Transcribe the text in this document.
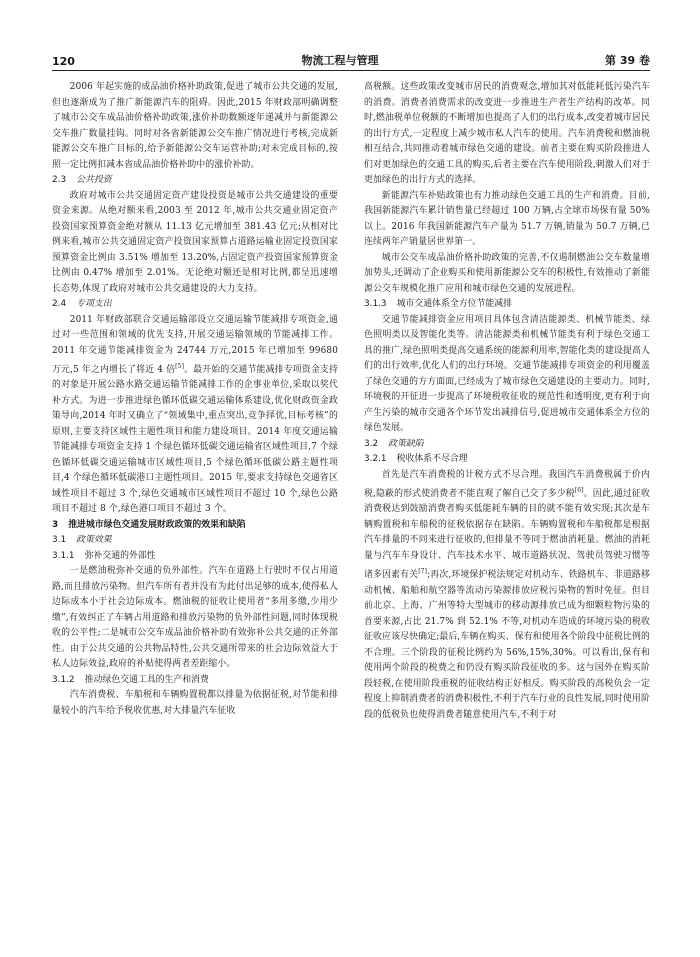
120	物流工程与管理	第 39 卷

2006 年起实施的成品油价格补助政策,促进了城市公共交通的发展,但也逐渐成为了推广新能源汽车的阻碍。因此,2015 年财政部明确调整了城市公交车成品油价格补助政策,涨价补助数额逐年递减并与新能源公交车推广数量挂钩。同时对各省新能源公交车推广情况进行考核,完成新能源公交车推广目标的,给予新能源公交车运营补助;对未完成目标的,按照一定比例扣减本省成品油价格补助中的涨价补助。

2.3 公共投资

政府对城市公共交通固定资产建设投资是城市公共交通建设的重要资金来源。从绝对额来看,2003 至 2012 年,城市公共交通业固定资产投资国家预算资金绝对额从 11.13 亿元增加至 381.43 亿元;从相对比例来看,城市公共交通固定资产投资国家预算占道路运输业固定投资国家预算资金比例由 3.51% 增加至 13.20%,占固定资产投资国家预算资金比例由 0.47% 增加至 2.01%。无论绝对额还是相对比例,都呈迅速增长态势,体现了政府对城市公共交通建设的大力支持。

2.4 专项支出

2011 年财政部联合交通运输部设立交通运输节能减排专项资金,通过对一些范围和领域的优先支持,开展交通运输领域的节能减排工作。2011 年交通节能减排资金为 24744 万元,2015 年已增加至 99680 万元,5 年之内增长了将近 4 倍[5]。最开始的交通节能减排专项资金支持的对象是开展公路水路交通运输节能减排工作的企事业单位,采取以奖代补方式。为进一步推进绿色循环低碳交通运输体系建设,优化财政资金政策导向,2014 年时又确立了“领域集中,重点突出,竞争择优,目标考核”的原则,主要支持区域性主题性项目和能力建设项目。2014 年度交通运输节能减排专项资金支持 1 个绿色循环低碳交通运输省区域性项目,7 个绿色循环低碳交通运输城市区域性项目,5 个绿色循环低碳公路主题性项目,4 个绿色循环低碳港口主题性项目。2015 年,要求支持绿色交通省区域性项目不超过 3 个,绿色交通城市区域性项目不超过 10 个,绿色公路项目不超过 8 个,绿色港口项目不超过 3 个。

3 推进城市绿色交通发展财政政策的效果和缺陷
3.1 政策效果
3.1.1 弥补交通的外部性

一是燃油税弥补交通的负外部性。汽车在道路上行驶时不仅占用道路,而且排放污染物。但汽车所有者并没有为此付出足够的成本,使得私人边际成本小于社会边际成本。燃油税的征收让使用者“多用多缴,少用少缴”,有效纠正了车辆占用道路和排放污染物的负外部性问题,同时体现税收的公平性;二是城市公交车成品油价格补助有效弥补公共交通的正外部性。由于公共交通的公共物品特性,公共交通所带来的社会边际效益大于私人边际效益,政府的补贴使得两者差距缩小。

3.1.2 推动绿色交通工具的生产和消费

汽车消费税、车船税和车辆购置税都以排量为依据征税,对节能和排量较小的汽车给予税收优惠,对大排量汽车征收

高税额。这些政策改变城市居民的消费观念,增加其对低能耗低污染汽车的消费。消费者消费需求的改变进一步推进生产者生产结构的改革。同时,燃油税单位税额的不断增加也提高了人们的出行成本,改变着城市居民的出行方式,一定程度上减少城市私人汽车的使用。汽车消费税和燃油税相互结合,共同推动着城市绿色交通的建设。前者主要在购买阶段推进人们对更加绿色的交通工具的购买,后者主要在汽车使用阶段,刺激人们对于更加绿色的出行方式的选择。

新能源汽车补贴政策也有力推动绿色交通工具的生产和消费。目前,我国新能源汽车累计销售量已经超过 100 万辆,占全球市场保有量 50% 以上。2016 年我国新能源汽车产量为 51.7 万辆,销量为 50.7 万辆,已连续两年产销量居世界第一。

城市公交车成品油价格补助政策的完善,不仅遏制燃油公交车数量增加势头,还调动了企业购买和使用新能源公交车的积极性,有效推动了新能源公交车规模化推广应用和城市绿色交通的发展进程。

3.1.3 城市交通体系全方位节能减排

交通节能减排资金应用项目具体包含清洁能源类、机械节能类、绿色照明类以及智能化类等。清洁能源类和机械节能类有利于绿色交通工具的推广,绿色照明类提高交通系统的能源利用率,智能化类的建设提高人们的出行效率,优化人们的出行环境。交通节能减排专项资金的利用覆盖了绿色交通的方方面面,已经成为了城市绿色交通建设的主要动力。同时,环境税的开征进一步提高了环境税收征收的规范性和透明度,更有利于向产生污染的城市交通各个环节发出减排信号,促进城市交通体系全方位的绿色发展。

3.2 政策缺陷
3.2.1 税收体系不尽合理

首先是汽车消费税的计税方式不尽合理。我国汽车消费税属于价内税,隐蔽的形式使消费者不能直观了解自己交了多少税[6]。因此,通过征收消费税达到鼓励消费者购买低能耗车辆的目的就不能有效实现;其次是车辆购置税和车船税的征税依据存在缺陷。车辆购置税和车船税都是根据汽车排量的不同来进行征收的,但排量不等同于燃油消耗量。燃油的消耗量与汽车车身设计、汽车技术水平、城市道路状况、驾驶员驾驶习惯等诸多因素有关[7];再次,环境保护税法规定对机动车、铁路机车、非道路移动机械、船舶和航空器等流动污染源排放应税污染物的暂时免征。但目前北京、上海、广州等特大型城市的移动源排放已成为细颗粒物污染的首要来源,占比 21.7% 到 52.1% 不等,对机动车造成的环境污染的税收征收应该尽快确定;最后,车辆在购买、保有和使用各个阶段中征税比例的不合理。三个阶段的征税比例约为 56%,15%,30%。可以看出,保有和使用两个阶段的税费之和仍没有购买阶段征收的多。这与国外在购买阶段轻税,在使用阶段重税的征收结构正好相反。购买阶段的高税负会一定程度上抑制消费者的消费积极性,不利于汽车行业的良性发展,同时使用阶段的低税负也使得消费者随意使用汽车,不利于对
